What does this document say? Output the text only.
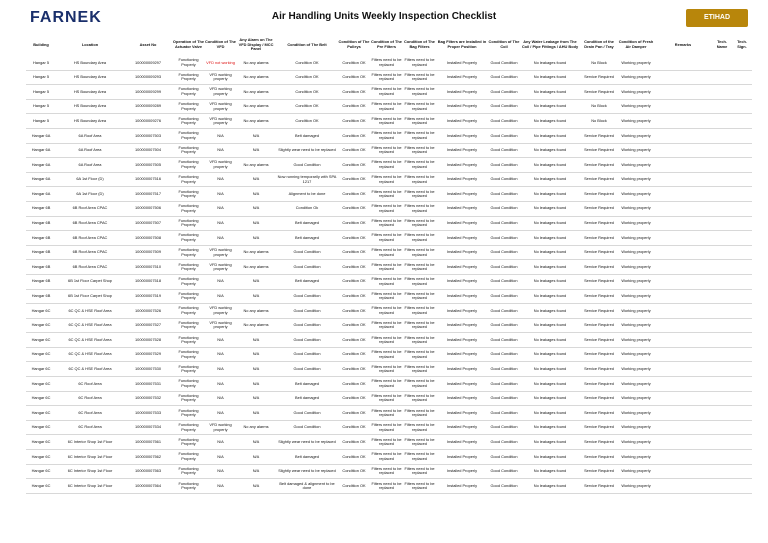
FARNEK	Air Handling Units Weekly Inspection Checklist	ETIHAD ENGINEERING
Building	Location	Asset No	Operation of The Actuator Valve	Condition of The VFD	Any Alarm on The VFD Display / MCC Panel	Condition of The Belt	Condition of The Pulleys	Condition of The Pre Filters	Condition of The Bag Filters	Bag Filters are Installed in Proper Position	Condition of The Coil	Any Water Leakage from The Coil / Pipe Fittings / AHU Body	Condition of the Drain Pan / Tray	Condition of Fresh Air Damper	Remarks	Tech. Name	Tech. Sign.
Hangar 5	HS Boundary Area	100000009297	Functioning Properly	VFD not working	No any alarms	Condition OK	Condition OK	Filters need to be replaced	Filters need to be replaced	Installed Properly	Good Condition	No leakages found	No Block	Working properly			
Hangar 5	HS Boundary Area	100000009293	Functioning Properly	VFD working properly	No any alarms	Condition OK	Condition OK	Filters need to be replaced	Filters need to be replaced	Installed Properly	Good Condition	No leakages found	Service Required	Working properly			
Hangar 5	HS Boundary Area	100000009299	Functioning Properly	VFD working properly	No any alarms	Condition OK	Condition OK	Filters need to be replaced	Filters need to be replaced	Installed Properly	Good Condition	No leakages found	Service Required	Working properly			
Hangar 5	HS Boundary Area	100000009289	Functioning Properly	VFD working properly	No any alarms	Condition OK	Condition OK	Filters need to be replaced	Filters need to be replaced	Installed Properly	Good Condition	No leakages found	No Block	Working properly			
Hangar 5	HS Boundary Area	100000009276	Functioning Properly	VFD working properly	No any alarms	Condition OK	Condition OK	Filters need to be replaced	Filters need to be replaced	Installed Properly	Good Condition	No leakages found	No Block	Working properly			
Hangar 6A	6A Roof Area	100000007503	Functioning Properly	N/A	N/A	Belt damaged	Condition OK	Filters need to be replaced	Filters need to be replaced	Installed Properly	Good Condition	No leakages found	Service Required	Working properly			
Hangar 6A	6A Roof Area	100000007504	Functioning Properly	N/A	N/A	Slightly wear need to be replaced	Condition OK	Filters need to be replaced	Filters need to be replaced	Installed Properly	Good Condition	No leakages found	Service Required	Working properly			
Hangar 6A	6A Roof Area	100000007505	Functioning Properly	VFD working properly	No any alarms	Good Condition	Condition OK	Filters need to be replaced	Filters need to be replaced	Installed Properly	Good Condition	No leakages found	Service Required	Working properly			
Hangar 6A	6A 1st Floor (D)	100000007516	Functioning Properly	N/A	N/A	Now running temporarily with SPA 1217	Condition OK	Filters need to be replaced	Filters need to be replaced	Installed Properly	Good Condition	No leakages found	Service Required	Working properly			
Hangar 6A	6A 1st Floor (D)	100000007517	Functioning Properly	N/A	N/A	Alignment to be done	Condition OK	Filters need to be replaced	Filters need to be replaced	Installed Properly	Good Condition	No leakages found	Service Required	Working properly			
Hangar 6B	6B Roof Area CPAC	100000007506	Functioning Properly	N/A	N/A	Condition Ok	Condition OK	Filters need to be replaced	Filters need to be replaced	Installed Properly	Good Condition	No leakages found	Service Required	Working properly			
Hangar 6B	6B Roof Area CPAC	100000007507	Functioning Properly	N/A	N/A	Belt damaged	Condition OK	Filters need to be replaced	Filters need to be replaced	Installed Properly	Good Condition	No leakages found	Service Required	Working properly			
Hangar 6B	6B Roof Area CPAC	100000007508	Functioning Properly	N/A	N/A	Belt damaged	Condition OK	Filters need to be replaced	Filters need to be replaced	Installed Properly	Good Condition	No leakages found	Service Required	Working properly			
Hangar 6B	6B Roof Area CPAC	100000007509	Functioning Properly	VFD working properly	No any alarms	Good Condition	Condition OK	Filters need to be replaced	Filters need to be replaced	Installed Properly	Good Condition	No leakages found	Service Required	Working properly			
Hangar 6B	6B Roof Area CPAC	100000007510	Functioning Properly	VFD working properly	No any alarms	Good Condition	Condition OK	Filters need to be replaced	Filters need to be replaced	Installed Properly	Good Condition	No leakages found	Service Required	Working properly			
Hangar 6B	6B 1st Floor Carpet Shop	100000007518	Functioning Properly	N/A	N/A	Belt damaged	Condition OK	Filters need to be replaced	Filters need to be replaced	Installed Properly	Good Condition	No leakages found	Service Required	Working properly			
Hangar 6B	6B 1st Floor Carpet Shop	100000007519	Functioning Properly	N/A	N/A	Good Condition	Condition OK	Filters need to be replaced	Filters need to be replaced	Installed Properly	Good Condition	No leakages found	Service Required	Working properly			
Hangar 6C	6C QC & HSE Roof Area	100000007526	Functioning Properly	VFD working properly	No any alarms	Good Condition	Condition OK	Filters need to be replaced	Filters need to be replaced	Installed Properly	Good Condition	No leakages found	Service Required	Working properly			
Hangar 6C	6C QC & HSE Roof Area	100000007527	Functioning Properly	VFD working properly	No any alarms	Good Condition	Condition OK	Filters need to be replaced	Filters need to be replaced	Installed Properly	Good Condition	No leakages found	Service Required	Working properly			
Hangar 6C	6C QC & HSE Roof Area	100000007528	Functioning Properly	N/A	N/A	Good Condition	Condition OK	Filters need to be replaced	Filters need to be replaced	Installed Properly	Good Condition	No leakages found	Service Required	Working properly			
Hangar 6C	6C QC & HSE Roof Area	100000007529	Functioning Properly	N/A	N/A	Good Condition	Condition OK	Filters need to be replaced	Filters need to be replaced	Installed Properly	Good Condition	No leakages found	Service Required	Working properly			
Hangar 6C	6C QC & HSE Roof Area	100000007530	Functioning Properly	N/A	N/A	Good Condition	Condition OK	Filters need to be replaced	Filters need to be replaced	Installed Properly	Good Condition	No leakages found	Service Required	Working properly			
Hangar 6C	6C Roof Area	100000007531	Functioning Properly	N/A	N/A	Belt damaged	Condition OK	Filters need to be replaced	Filters need to be replaced	Installed Properly	Good Condition	No leakages found	Service Required	Working properly			
Hangar 6C	6C Roof Area	100000007532	Functioning Properly	N/A	N/A	Belt damaged	Condition OK	Filters need to be replaced	Filters need to be replaced	Installed Properly	Good Condition	No leakages found	Service Required	Working properly			
Hangar 6C	6C Roof Area	100000007533	Functioning Properly	N/A	N/A	Good Condition	Condition OK	Filters need to be replaced	Filters need to be replaced	Installed Properly	Good Condition	No leakages found	Service Required	Working properly			
Hangar 6C	6C Roof Area	100000007534	Functioning Properly	VFD working properly	No any alarms	Good Condition	Condition OK	Filters need to be replaced	Filters need to be replaced	Installed Properly	Good Condition	No leakages found	Service Required	Working properly			
Hangar 6C	6C Interior Shop 1st Floor	100000007561	Functioning Properly	N/A	N/A	Slightly wear need to be replaced	Condition OK	Filters need to be replaced	Filters need to be replaced	Installed Properly	Good Condition	No leakages found	Service Required	Working properly			
Hangar 6C	6C Interior Shop 1st Floor	100000007562	Functioning Properly	N/A	N/A	Belt damaged	Condition OK	Filters need to be replaced	Filters need to be replaced	Installed Properly	Good Condition	No leakages found	Service Required	Working properly			
Hangar 6C	6C Interior Shop 1st Floor	100000007563	Functioning Properly	N/A	N/A	Slightly wear need to be replaced	Condition OK	Filters need to be replaced	Filters need to be replaced	Installed Properly	Good Condition	No leakages found	Service Required	Working properly			
Hangar 6C	6C Interior Shop 1st Floor	100000007564	Functioning Properly	N/A	N/A	Belt damaged & alignment to be done	Condition OK	Filters need to be replaced	Filters need to be replaced	Installed Properly	Good Condition	No leakages found	Service Required	Working properly			
